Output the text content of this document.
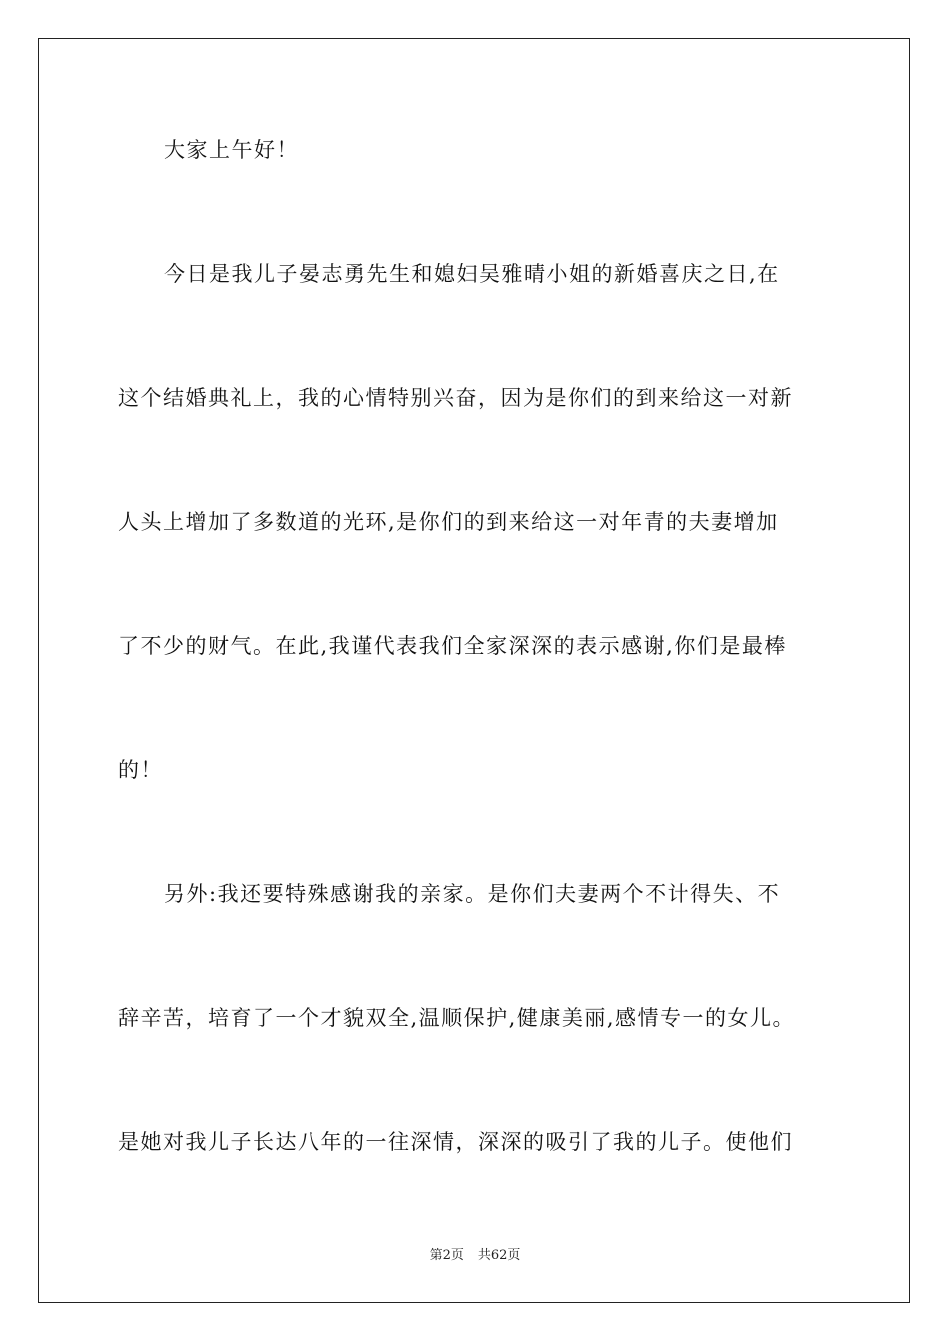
大家上午好！
今日是我儿子晏志勇先生和媳妇吴雅晴小姐的新婚喜庆之日,在
这个结婚典礼上，我的心情特别兴奋，因为是你们的到来给这一对新
人头上增加了多数道的光环,是你们的到来给这一对年青的夫妻增加
了不少的财气。在此,我谨代表我们全家深深的表示感谢,你们是最棒
的！
另外:我还要特殊感谢我的亲家。是你们夫妻两个不计得失、不
辞辛苦，培育了一个才貌双全,温顺保护,健康美丽,感情专一的女儿。
是她对我儿子长达八年的一往深情，深深的吸引了我的儿子。使他们
第2页 共62页
